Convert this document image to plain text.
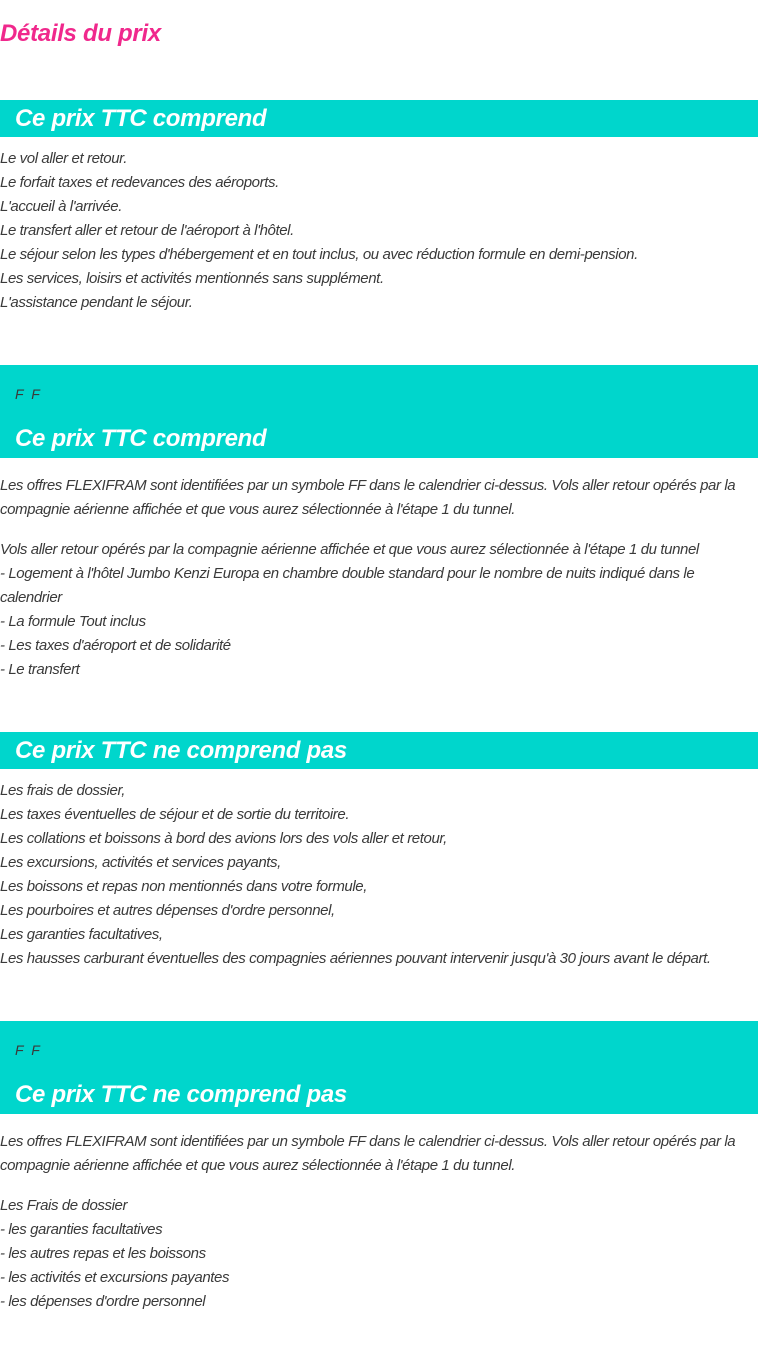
Détails du prix
Ce prix TTC comprend
Le vol aller et retour.
Le forfait taxes et redevances des aéroports.
L'accueil à l'arrivée.
Le transfert aller et retour de l'aéroport à l'hôtel.
Le séjour selon les types d'hébergement et en tout inclus, ou avec réduction formule en demi-pension.
Les services, loisirs et activités mentionnés sans supplément.
L'assistance pendant le séjour.
F F
Ce prix TTC comprend

Les offres FLEXIFRAM sont identifiées par un symbole FF dans le calendrier ci-dessus. Vols aller retour opérés par la compagnie aérienne affichée et que vous aurez sélectionnée à l'étape 1 du tunnel.

Vols aller retour opérés par la compagnie aérienne affichée et que vous aurez sélectionnée à l'étape 1 du tunnel
- Logement à l'hôtel Jumbo Kenzi Europa en chambre double standard pour le nombre de nuits indiqué dans le calendrier
- La formule Tout inclus
- Les taxes d'aéroport et de solidarité
- Le transfert
Ce prix TTC ne comprend pas
Les frais de dossier,
Les taxes éventuelles de séjour et de sortie du territoire.
Les collations et boissons à bord des avions lors des vols aller et retour,
Les excursions, activités et services payants,
Les boissons et repas non mentionnés dans votre formule,
Les pourboires et autres dépenses d'ordre personnel,
Les garanties facultatives,
Les hausses carburant éventuelles des compagnies aériennes pouvant intervenir jusqu'à 30 jours avant le départ.
F F
Ce prix TTC ne comprend pas

Les offres FLEXIFRAM sont identifiées par un symbole FF dans le calendrier ci-dessus. Vols aller retour opérés par la compagnie aérienne affichée et que vous aurez sélectionnée à l'étape 1 du tunnel.

Les Frais de dossier
- les garanties facultatives
- les autres repas et les boissons
- les activités et excursions payantes
- les dépenses d'ordre personnel
